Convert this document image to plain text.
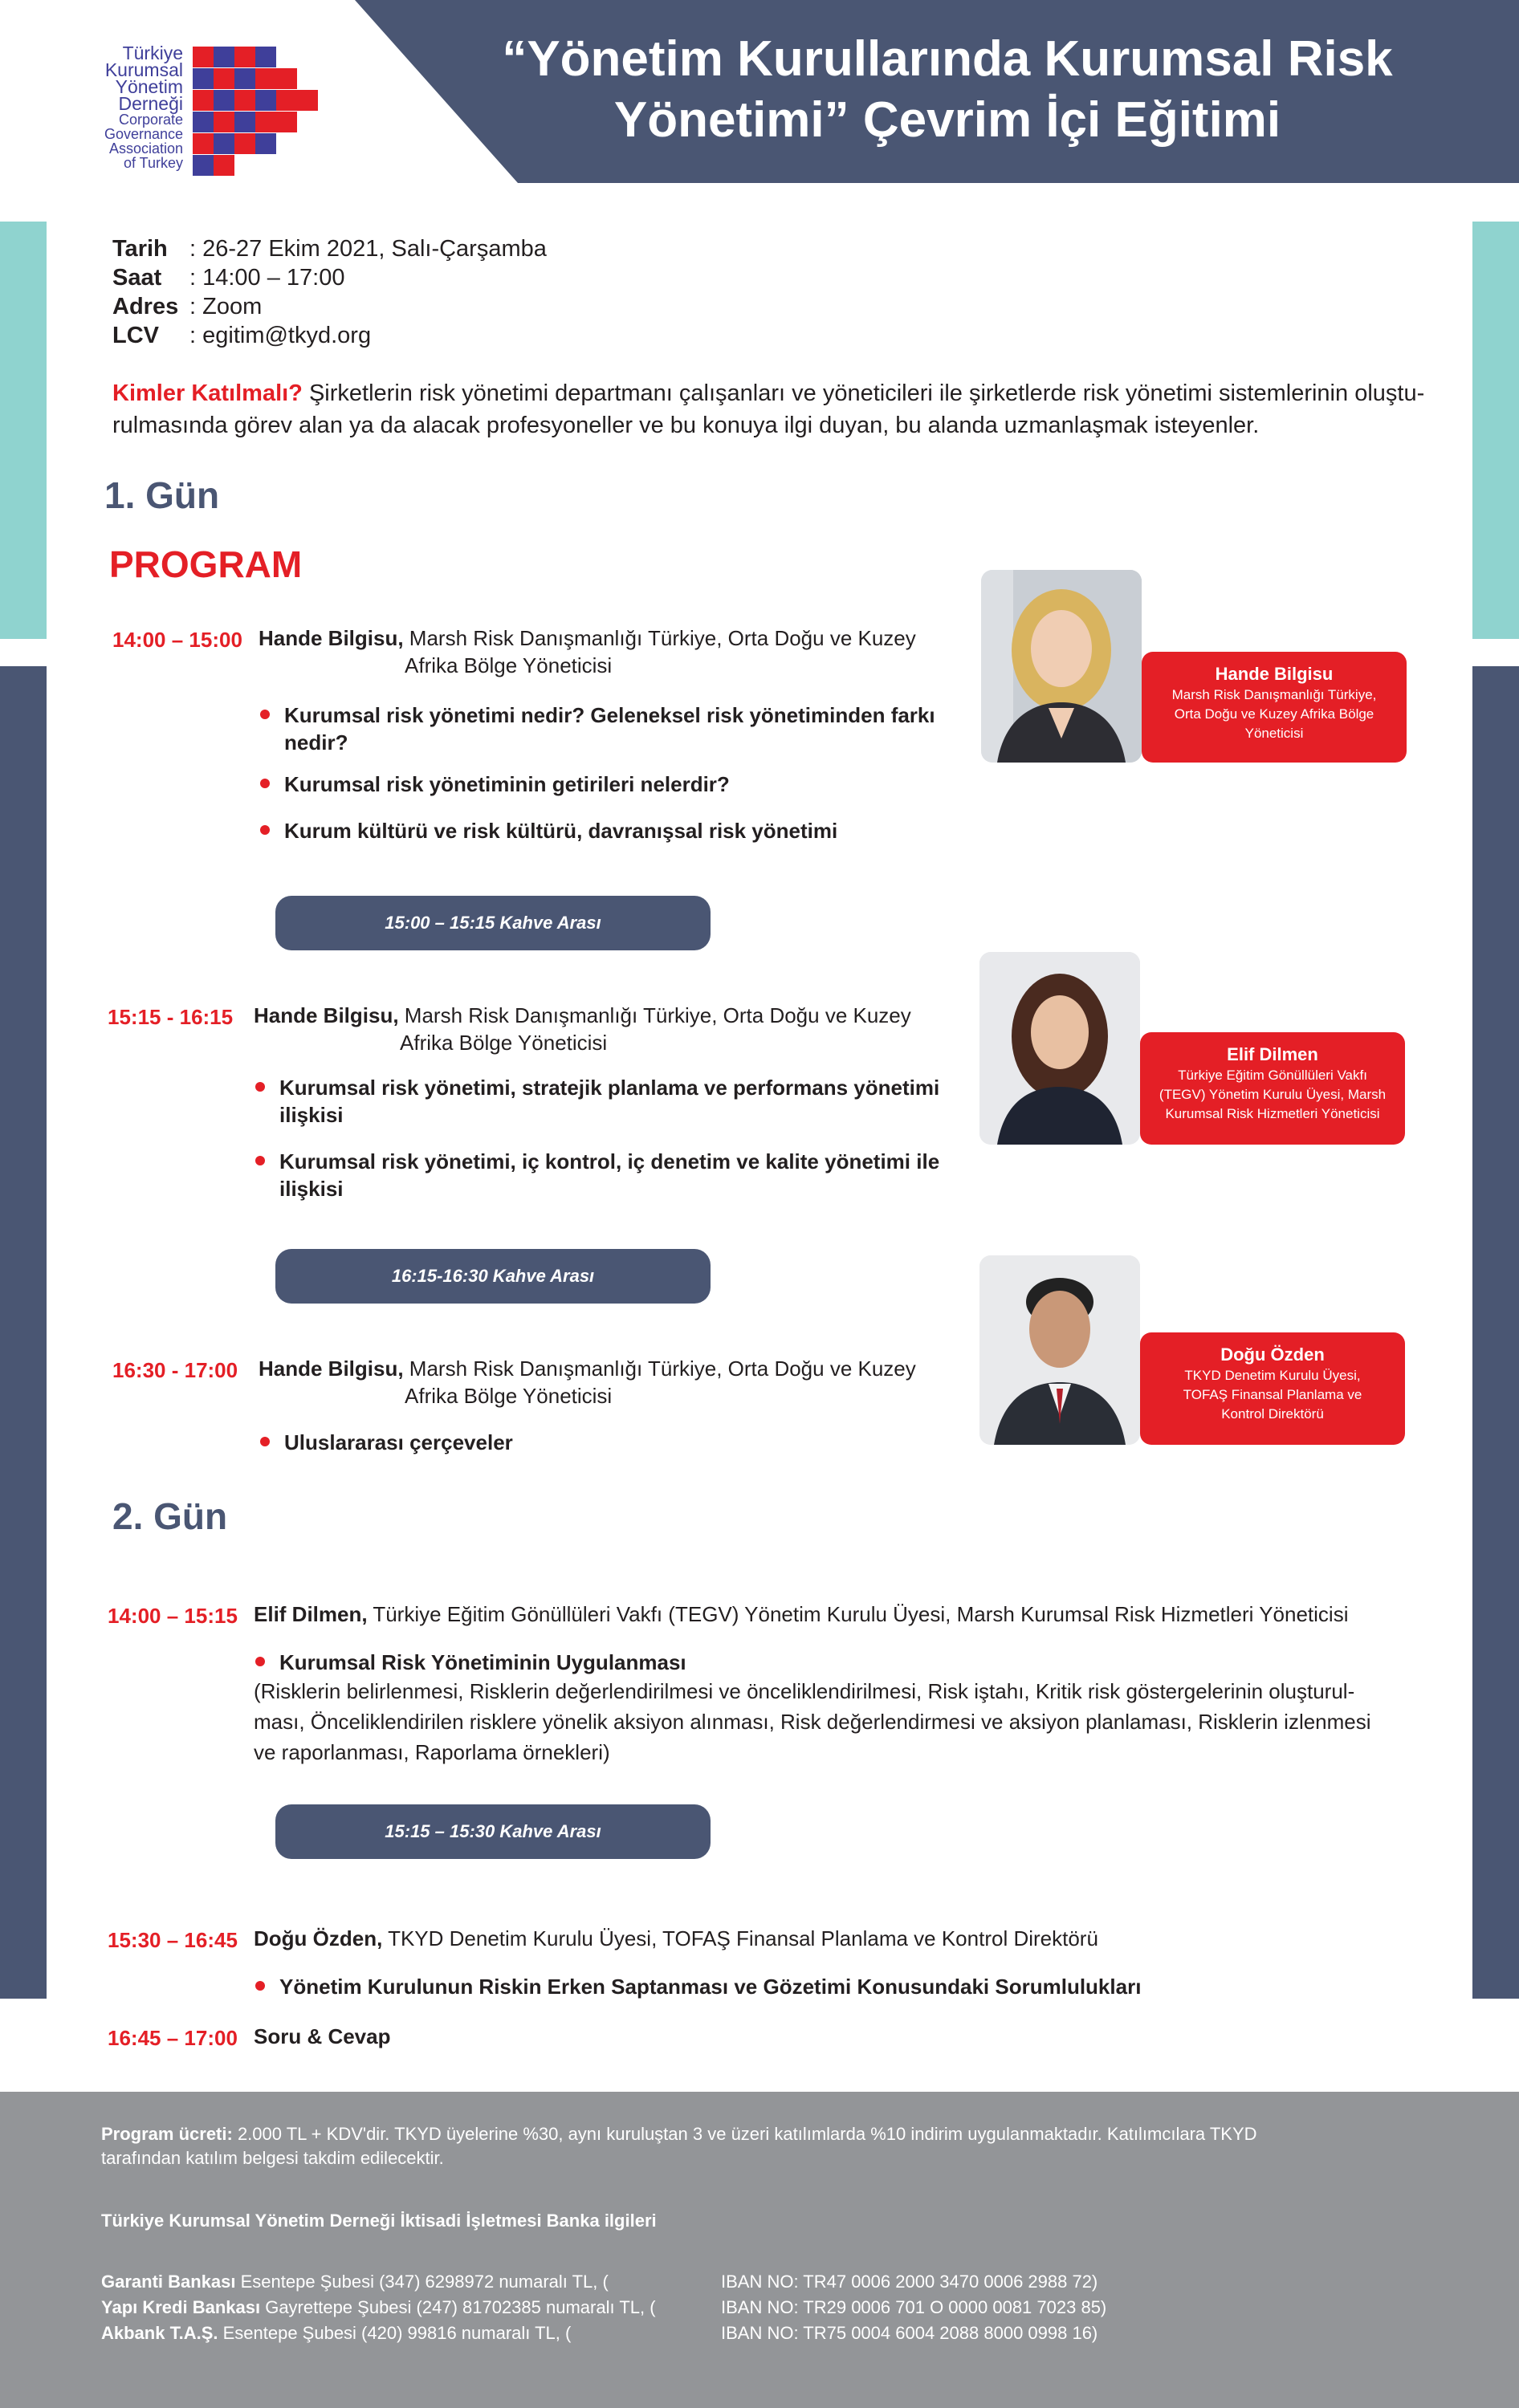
“Yönetim Kurullarında Kurumsal Risk
Yönetimi” Çevrim İçi Eğitimi
Türkiye
Kurumsal
Yönetim
Derneği
Corporate
Governance
Association
of Turkey
Tarih : 26-27 Ekim 2021, Salı-Çarşamba
Saat : 14:00 – 17:00
Adres : Zoom
LCV : egitim@tkyd.org
Kimler Katılmalı? Şirketlerin risk yönetimi departmanı çalışanları ve yöneticileri ile şirketlerde risk yönetimi sistemlerinin oluştu-
rulmasında görev alan ya da alacak profesyoneller ve bu konuya ilgi duyan, bu alanda uzmanlaşmak isteyenler.
1. Gün
PROGRAM
14:00 – 15:00 Hande Bilgisu, Marsh Risk Danışmanlığı Türkiye, Orta Doğu ve Kuzey
Afrika Bölge Yöneticisi
Kurumsal risk yönetimi nedir? Geleneksel risk yönetiminden farkı
nedir?
Kurumsal risk yönetiminin getirileri nelerdir?
Kurum kültürü ve risk kültürü, davranışsal risk yönetimi
15:00 – 15:15 Kahve Arası
15:15 - 16:15 Hande Bilgisu, Marsh Risk Danışmanlığı Türkiye, Orta Doğu ve Kuzey
Afrika Bölge Yöneticisi
Kurumsal risk yönetimi, stratejik planlama ve performans yönetimi
ilişkisi
Kurumsal risk yönetimi, iç kontrol, iç denetim ve kalite yönetimi ile
ilişkisi
16:15-16:30 Kahve Arası
16:30 - 17:00 Hande Bilgisu, Marsh Risk Danışmanlığı Türkiye, Orta Doğu ve Kuzey
Afrika Bölge Yöneticisi
Uluslararası çerçeveler
Hande Bilgisu
Marsh Risk Danışmanlığı Türkiye,
Orta Doğu ve Kuzey Afrika Bölge
Yöneticisi
Elif Dilmen
Türkiye Eğitim Gönüllüleri Vakfı
(TEGV) Yönetim Kurulu Üyesi, Marsh
Kurumsal Risk Hizmetleri Yöneticisi
Doğu Özden
TKYD Denetim Kurulu Üyesi,
TOFAŞ Finansal Planlama ve
Kontrol Direktörü
2. Gün
14:00 – 15:15 Elif Dilmen, Türkiye Eğitim Gönüllüleri Vakfı (TEGV) Yönetim Kurulu Üyesi, Marsh Kurumsal Risk Hizmetleri Yöneticisi
Kurumsal Risk Yönetiminin Uygulanması
(Risklerin belirlenmesi, Risklerin değerlendirilmesi ve önceliklendirilmesi, Risk iştahı, Kritik risk göstergelerinin oluşturul-
ması, Önceliklendirilen risklere yönelik aksiyon alınması, Risk değerlendirmesi ve aksiyon planlaması, Risklerin izlenmesi
ve raporlanması, Raporlama örnekleri)
15:15 – 15:30 Kahve Arası
15:30 – 16:45 Doğu Özden, TKYD Denetim Kurulu Üyesi, TOFAŞ Finansal Planlama ve Kontrol Direktörü
Yönetim Kurulunun Riskin Erken Saptanması ve Gözetimi Konusundaki Sorumlulukları
16:45 – 17:00 Soru & Cevap
Program ücreti: 2.000 TL + KDV'dir. TKYD üyelerine %30, aynı kuruluştan 3 ve üzeri katılımlarda %10 indirim uygulanmaktadır. Katılımcılara TKYD
tarafından katılım belgesi takdim edilecektir.
Türkiye Kurumsal Yönetim Derneği İktisadi İşletmesi Banka ilgileri
Garanti Bankası Esentepe Şubesi (347) 6298972 numaralı TL, (	IBAN NO: TR47 0006 2000 3470 0006 2988 72)
Yapı Kredi Bankası Gayrettepe Şubesi (247) 81702385 numaralı TL, (	IBAN NO: TR29 0006 701 O 0000 0081 7023 85)
Akbank T.A.Ş. Esentepe Şubesi (420) 99816 numaralı TL, (	IBAN NO: TR75 0004 6004 2088 8000 0998 16)
